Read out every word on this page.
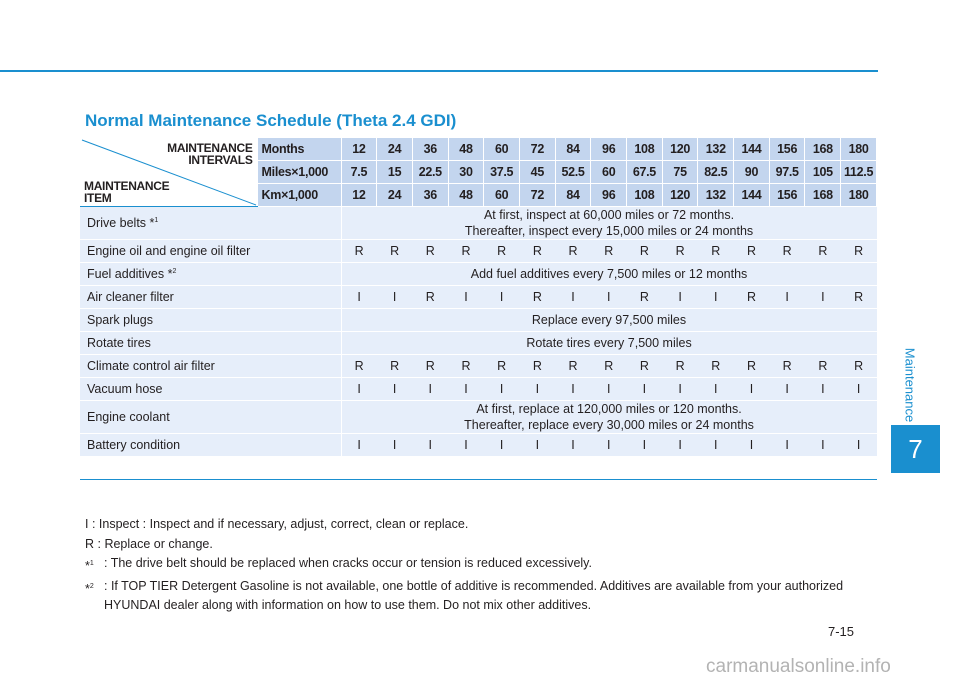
Maintenance
7
Normal Maintenance Schedule (Theta 2.4 GDI)
MAINTENANCE
INTERVALS
MAINTENANCE
ITEM	Months	12	24	36	48	60	72	84	96	108	120	132	144	156	168	180
	Miles×1,000	7.5	15	22.5	30	37.5	45	52.5	60	67.5	75	82.5	90	97.5	105	112.5
	Km×1,000	12	24	36	48	60	72	84	96	108	120	132	144	156	168	180
Drive belts *$^1$		At first, inspect at 60,000 miles or 72 months.
Thereafter, inspect every 15,000 miles or 24 months														
Engine oil and engine oil filter		R	R	R	R	R	R	R	R	R	R	R	R	R	R	R
Fuel additives *$^2$		Add fuel additives every 7,500 miles or 12 months														
Air cleaner filter		I	I	R	I	I	R	I	I	R	I	I	R	I	I	R
Spark plugs		Replace every 97,500 miles														
Rotate tires		Rotate tires every 7,500 miles														
Climate control air filter		R	R	R	R	R	R	R	R	R	R	R	R	R	R	R
Vacuum hose		I	I	I	I	I	I	I	I	I	I	I	I	I	I	I
Engine coolant		At first, replace at 120,000 miles or 120 months.
Thereafter, replace every 30,000 miles or 24 months														
Battery condition		I	I	I	I	I	I	I	I	I	I	I	I	I	I	I

I : Inspect : Inspect and if necessary, adjust, correct, clean or replace.

R : Replace or change.

*$^1$ : The drive belt should be replaced when cracks occur or tension is reduced excessively.
*$^2$ : If TOP TIER Detergent Gasoline is not available, one bottle of additive is recommended. Additives are available from your authorized HYUNDAI dealer along with information on how to use them. Do not mix other additives.
7-15
carmanualsonline.info
